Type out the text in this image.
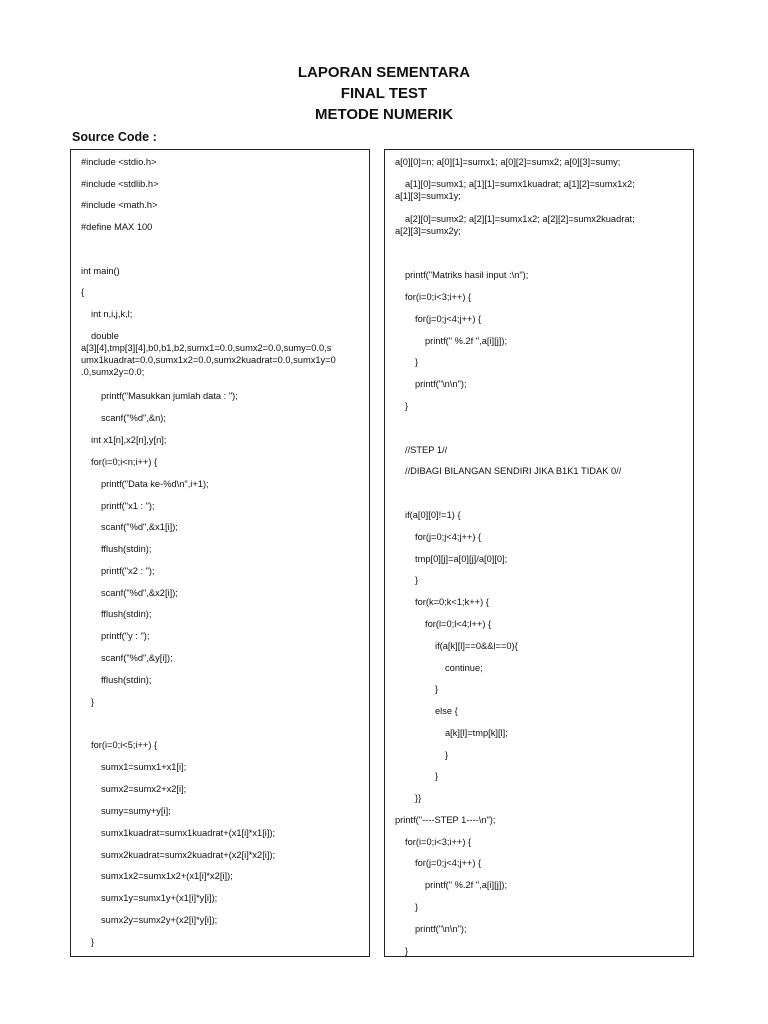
LAPORAN SEMENTARA
FINAL TEST
METODE NUMERIK
Source Code :
#include <stdio.h>
#include <stdlib.h>
#include <math.h>
#define MAX 100
int main()
{
int n,i,j,k,l;
double
a[3][4],tmp[3][4],b0,b1,b2,sumx1=0.0,sumx2=0.0,sumy=0.0,s
umx1kuadrat=0.0,sumx1x2=0.0,sumx2kuadrat=0.0,sumx1y=0
.0,sumx2y=0.0;
printf("Masukkan jumlah data : ");
scanf("%d",&n);
int x1[n],x2[n],y[n];
for(i=0;i<n;i++) {
printf("Data ke-%d\n",i+1);
printf("x1 : ");
scanf("%d",&x1[i]);
fflush(stdin);
printf("x2 : ");
scanf("%d",&x2[i]);
fflush(stdin);
printf("y : ");
scanf("%d",&y[i]);
fflush(stdin);
}
for(i=0;i<5;i++) {
sumx1=sumx1+x1[i];
sumx2=sumx2+x2[i];
sumy=sumy+y[i];
sumx1kuadrat=sumx1kuadrat+(x1[i]*x1[i]);
sumx2kuadrat=sumx2kuadrat+(x2[i]*x2[i]);
sumx1x2=sumx1x2+(x1[i]*x2[i]);
sumx1y=sumx1y+(x1[i]*y[i]);
sumx2y=sumx2y+(x2[i]*y[i]);
}
a[0][0]=n; a[0][1]=sumx1; a[0][2]=sumx2; a[0][3]=sumy;
a[1][0]=sumx1; a[1][1]=sumx1kuadrat; a[1][2]=sumx1x2;
a[1][3]=sumx1y;
a[2][0]=sumx2; a[2][1]=sumx1x2; a[2][2]=sumx2kuadrat;
a[2][3]=sumx2y;
printf("Matriks hasil input :\n");
for(i=0;i<3;i++) {
for(j=0;j<4;j++) {
printf(" %.2f ",a[i][j]);
}
printf("\n\n");
}
//STEP 1//
//DIBAGI BILANGAN SENDIRI JIKA B1K1 TIDAK 0//
if(a[0][0]!=1) {
for(j=0;j<4;j++) {
tmp[0][j]=a[0][j]/a[0][0];
}
for(k=0;k<1;k++) {
for(l=0;l<4;l++) {
if(a[k][l]==0&&l==0){
continue;
}
else {
a[k][l]=tmp[k][l];
}
}
}}
printf("----STEP 1----\n");
for(i=0;i<3;i++) {
for(j=0;j<4;j++) {
printf(" %.2f ",a[i][j]);
}
printf("\n\n");
}
